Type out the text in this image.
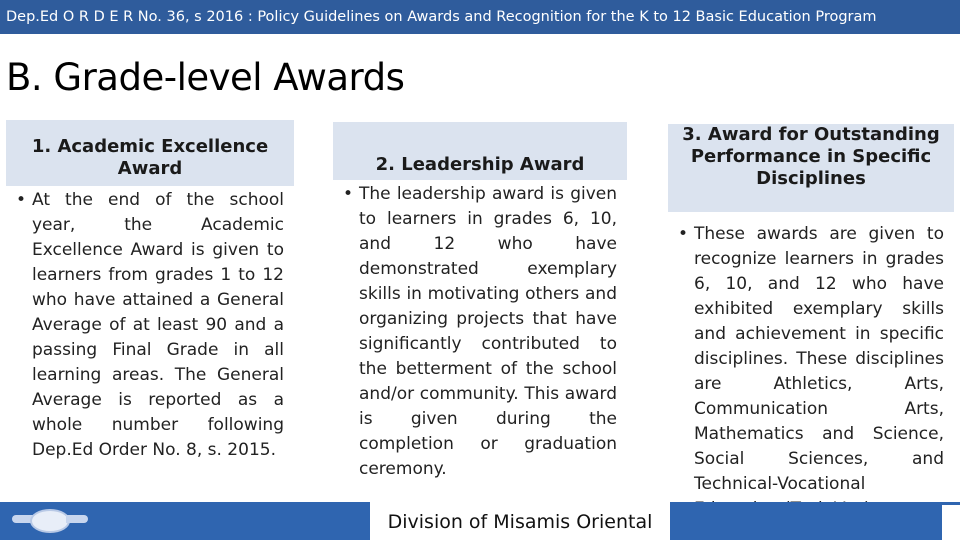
Dep.Ed O R D E R No. 36, s 2016 : Policy Guidelines on Awards and Recognition for the K to 12 Basic Education Program
B. Grade-level Awards
1. Academic Excellence Award
• At the end of the school year, the Academic Excellence Award is given to learners from grades 1 to 12 who have attained a General Average of at least 90 and a passing Final Grade in all learning areas. The General Average is reported as a whole number following Dep.Ed Order No. 8, s. 2015.
2. Leadership Award
• The leadership award is given to learners in grades 6, 10, and 12 who have demonstrated exemplary skills in motivating others and organizing projects that have significantly contributed to the betterment of the school and/or community. This award is given during the completion or graduation ceremony.
3. Award for Outstanding Performance in Specific Disciplines
• These awards are given to recognize learners in grades 6, 10, and 12 who have exhibited exemplary skills and achievement in specific disciplines. These disciplines are Athletics, Arts, Communication Arts, Mathematics and Science, Social Sciences, and Technical-Vocational
Division of Misamis Oriental
